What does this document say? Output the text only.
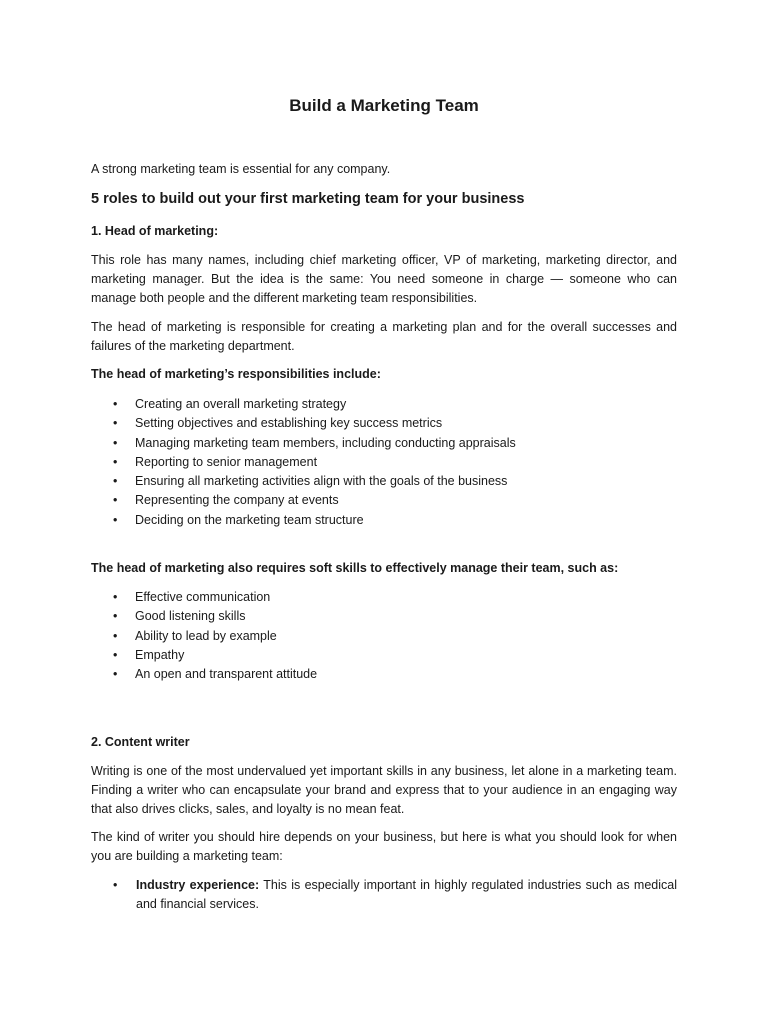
Build a Marketing Team
A strong marketing team is essential for any company.
5 roles to build out your first marketing team for your business
1. Head of marketing:
This role has many names, including chief marketing officer, VP of marketing, marketing director, and marketing manager. But the idea is the same: You need someone in charge — someone who can manage both people and the different marketing team responsibilities.
The head of marketing is responsible for creating a marketing plan and for the overall successes and failures of the marketing department.
The head of marketing’s responsibilities include:
• Creating an overall marketing strategy
• Setting objectives and establishing key success metrics
• Managing marketing team members, including conducting appraisals
• Reporting to senior management
• Ensuring all marketing activities align with the goals of the business
• Representing the company at events
• Deciding on the marketing team structure
The head of marketing also requires soft skills to effectively manage their team, such as:
• Effective communication
• Good listening skills
• Ability to lead by example
• Empathy
• An open and transparent attitude
2. Content writer
Writing is one of the most undervalued yet important skills in any business, let alone in a marketing team. Finding a writer who can encapsulate your brand and express that to your audience in an engaging way that also drives clicks, sales, and loyalty is no mean feat.
The kind of writer you should hire depends on your business, but here is what you should look for when you are building a marketing team:
• Industry experience: This is especially important in highly regulated industries such as medical and financial services.
